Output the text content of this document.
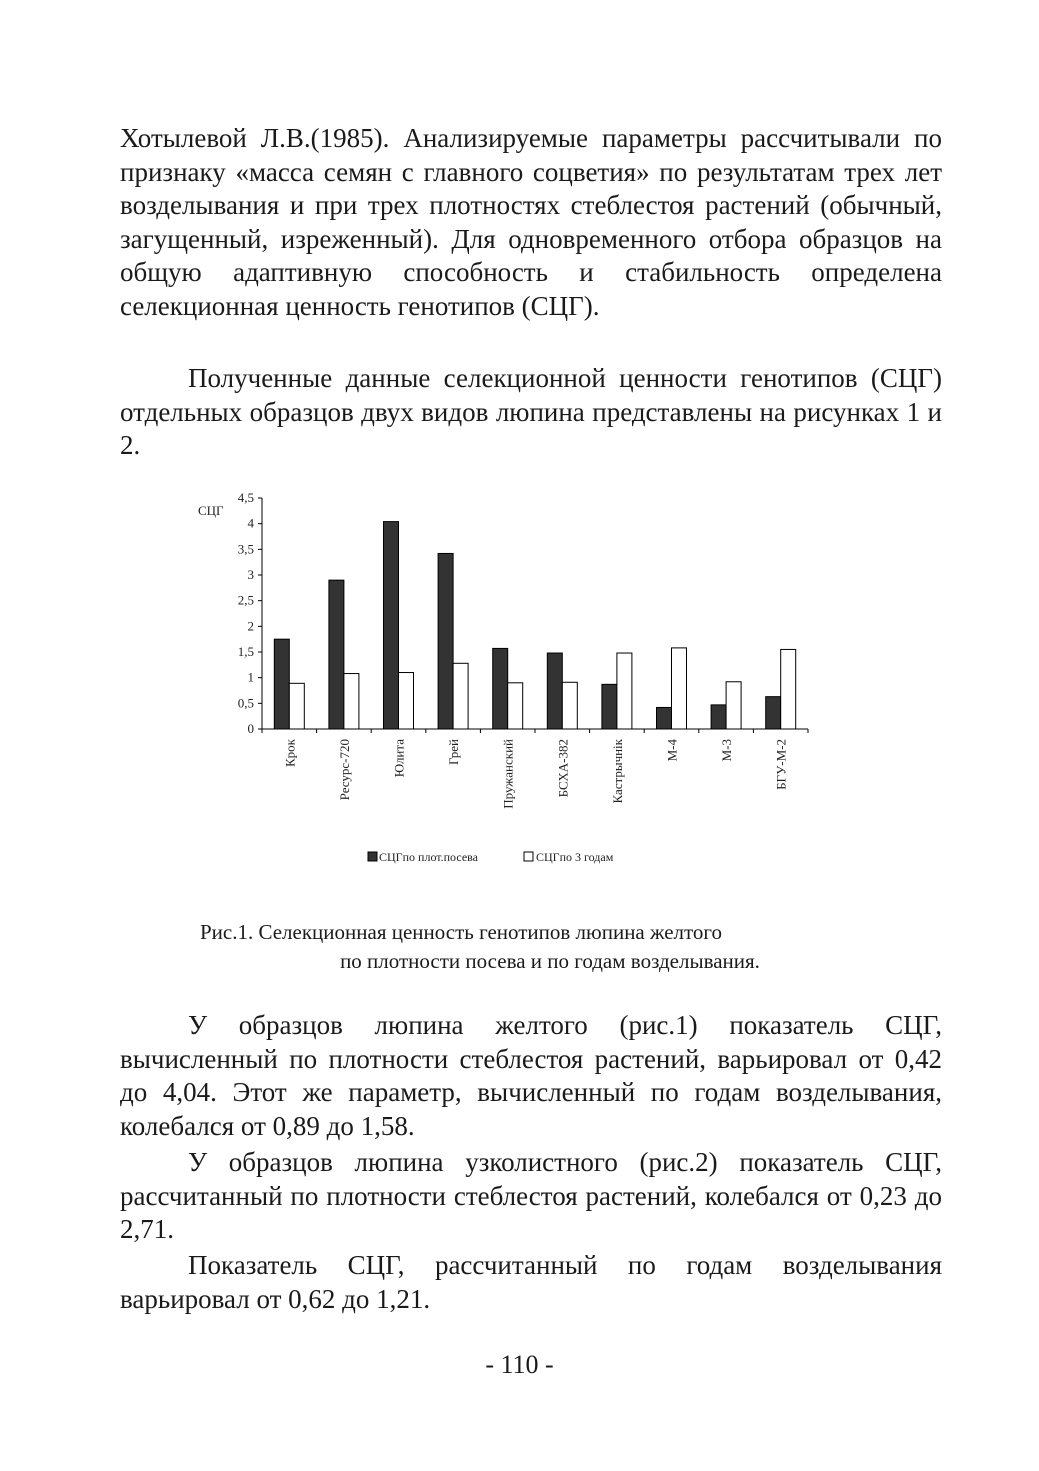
Хотылевой Л.В.(1985). Анализируемые параметры рассчитывали по признаку «масса семян с главного соцветия» по результатам трех лет возделывания и при трех плотностях стеблестоя растений (обычный, загущенный, изреженный). Для одновременного отбора образцов на общую адаптивную способность и стабильность определена селекционная ценность генотипов (СЦГ).

Полученные данные селекционной ценности генотипов (СЦГ) отдельных образцов двух видов люпина представлены на рисунках 1 и 2.

СЦГ
0
0,5
1
1,5
2
2,5
3
3,5
4
4,5
Крок	Ресурс-720	Юлита	Грей	Пружанский	БСХА-382	Кастрычнік	М-4	М-3	БГУ-М-2
СЦГпо плот.посева	СЦГпо 3 годам

Рис.1. Селекционная ценность генотипов люпина желтого
по плотности посева и по годам возделывания.

У образцов люпина желтого (рис.1) показатель СЦГ, вычисленный по плотности стеблестоя растений, варьировал от 0,42 до 4,04. Этот же параметр, вычисленный по годам возделывания, колебался от 0,89 до 1,58.

У образцов люпина узколистного (рис.2) показатель СЦГ, рассчитанный по плотности стеблестоя растений, колебался от 0,23 до 2,71.

Показатель СЦГ, рассчитанный по годам возделывания варьировал от 0,62 до 1,21.

- 110 -
